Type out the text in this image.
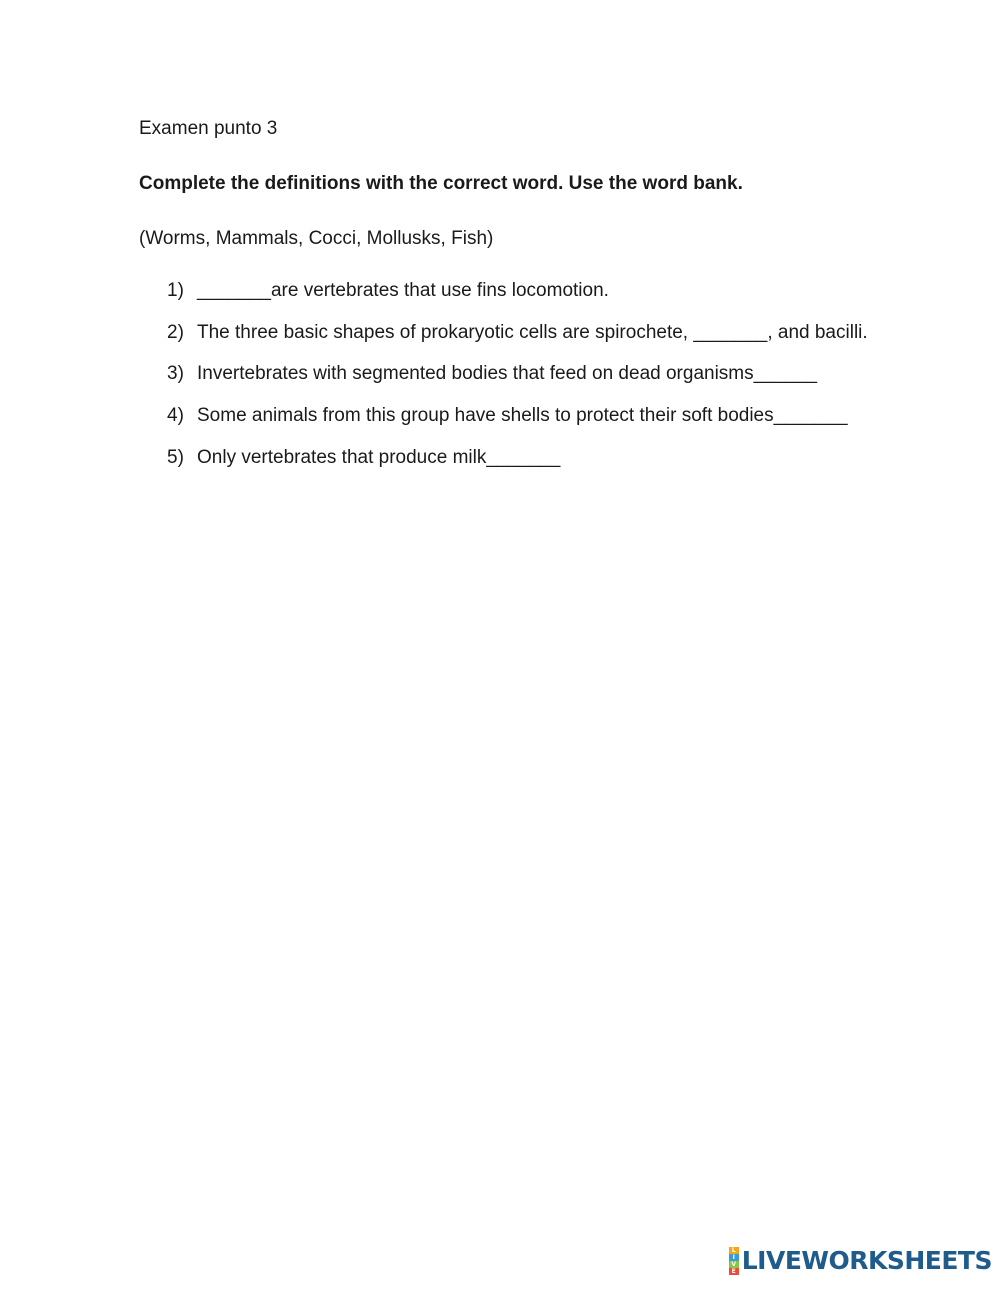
Examen punto 3
Complete the definitions with the correct word. Use the word bank.
(Worms, Mammals, Cocci, Mollusks, Fish)
1) _______are vertebrates that use fins locomotion.
2) The three basic shapes of prokaryotic cells are spirochete, _______, and bacilli.
3) Invertebrates with segmented bodies that feed on dead organisms______
4) Some animals from this group have shells to protect their soft bodies_______
5) Only vertebrates that produce milk_______
L
I
V
E LIVEWORKSHEETS
